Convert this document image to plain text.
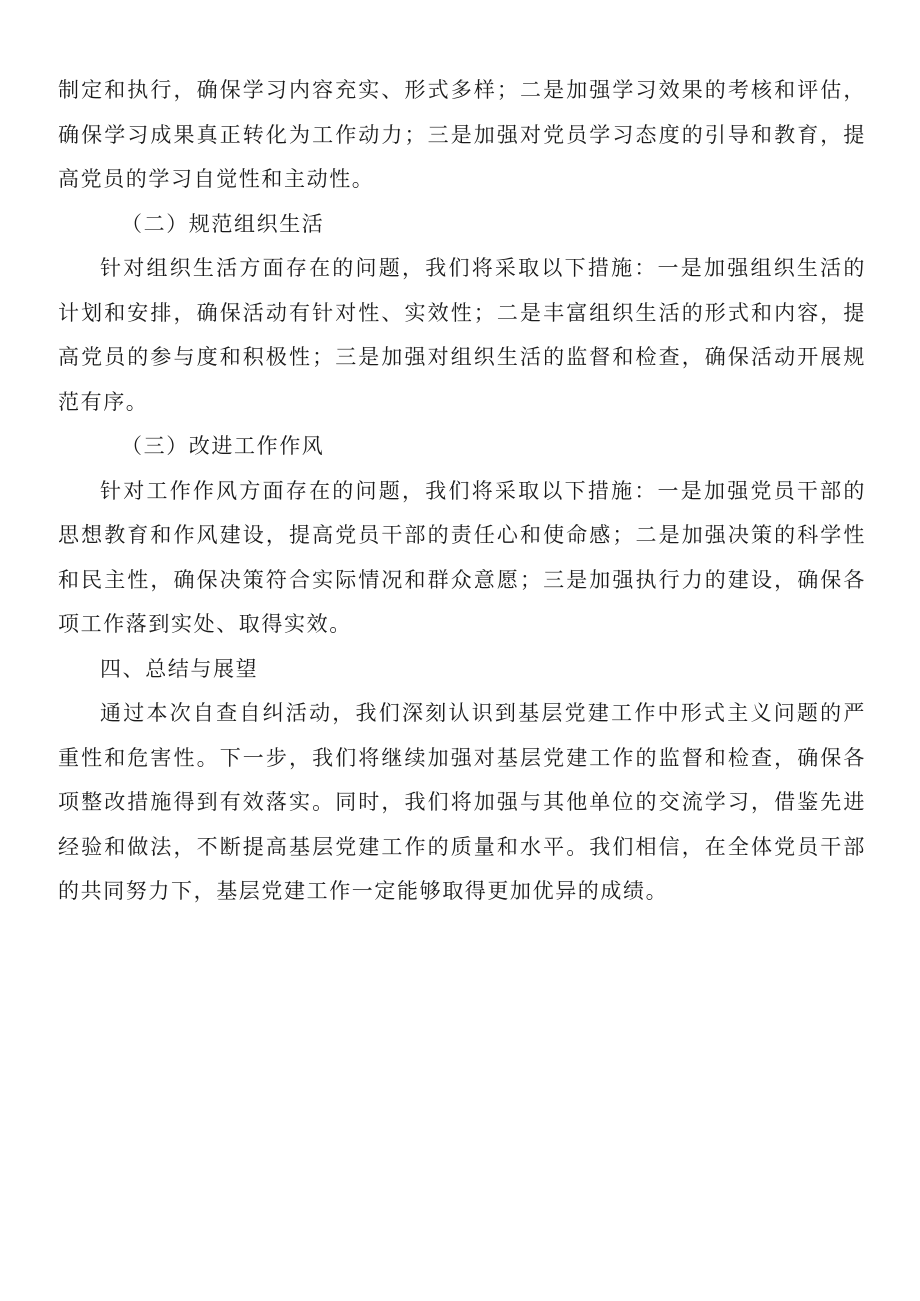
制定和执行，确保学习内容充实、形式多样；二是加强学习效果的考核和评估，确保学习成果真正转化为工作动力；三是加强对党员学习态度的引导和教育，提高党员的学习自觉性和主动性。

（二）规范组织生活

针对组织生活方面存在的问题，我们将采取以下措施：一是加强组织生活的计划和安排，确保活动有针对性、实效性；二是丰富组织生活的形式和内容，提高党员的参与度和积极性；三是加强对组织生活的监督和检查，确保活动开展规范有序。

（三）改进工作作风

针对工作作风方面存在的问题，我们将采取以下措施：一是加强党员干部的思想教育和作风建设，提高党员干部的责任心和使命感；二是加强决策的科学性和民主性，确保决策符合实际情况和群众意愿；三是加强执行力的建设，确保各项工作落到实处、取得实效。

四、总结与展望

通过本次自查自纠活动，我们深刻认识到基层党建工作中形式主义问题的严重性和危害性。下一步，我们将继续加强对基层党建工作的监督和检查，确保各项整改措施得到有效落实。同时，我们将加强与其他单位的交流学习，借鉴先进经验和做法，不断提高基层党建工作的质量和水平。我们相信，在全体党员干部的共同努力下，基层党建工作一定能够取得更加优异的成绩。
